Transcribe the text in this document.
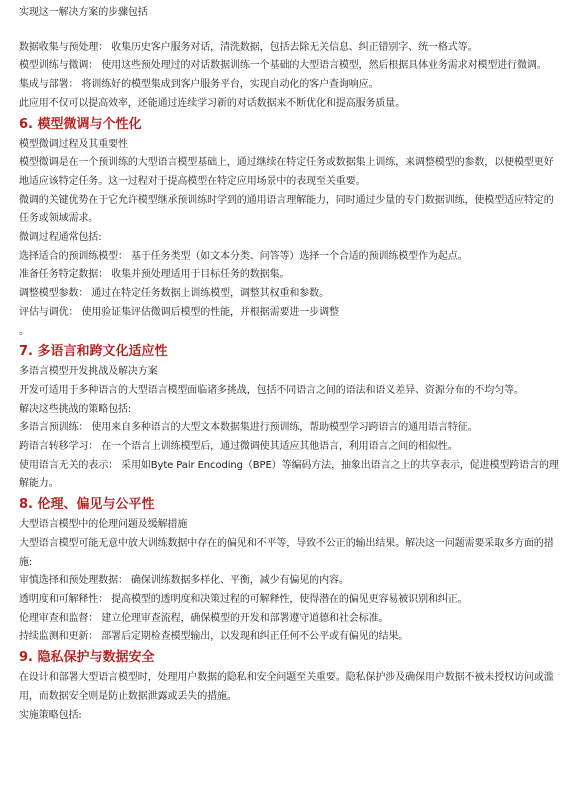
实现这一解决方案的步骤包括

数据收集与预处理： 收集历史客户服务对话，清洗数据，包括去除无关信息、纠正错别字、统一格式等。

模型训练与微调： 使用这些预处理过的对话数据训练一个基础的大型语言模型，然后根据具体业务需求对模型进行微调。

集成与部署： 将训练好的模型集成到客户服务平台，实现自动化的客户查询响应。

此应用不仅可以提高效率，还能通过连续学习新的对话数据来不断优化和提高服务质量。

6. 模型微调与个性化

模型微调过程及其重要性

模型微调是在一个预训练的大型语言模型基础上，通过继续在特定任务或数据集上训练，来调整模型的参数，以便模型更好地适应该特定任务。这一过程对于提高模型在特定应用场景中的表现至关重要。

微调的关键优势在于它允许模型继承预训练时学到的通用语言理解能力，同时通过少量的专门数据训练，使模型适应特定的任务或领域需求。

微调过程通常包括:

选择适合的预训练模型： 基于任务类型（如文本分类、问答等）选择一个合适的预训练模型作为起点。

准备任务特定数据： 收集并预处理适用于目标任务的数据集。

调整模型参数： 通过在特定任务数据上训练模型，调整其权重和参数。

评估与调优： 使用验证集评估微调后模型的性能，并根据需要进一步调整

。

7. 多语言和跨文化适应性

多语言模型开发挑战及解决方案

开发可适用于多种语言的大型语言模型面临诸多挑战，包括不同语言之间的语法和语义差异、资源分布的不均匀等。

解决这些挑战的策略包括:

多语言预训练： 使用来自多种语言的大型文本数据集进行预训练，帮助模型学习跨语言的通用语言特征。

跨语言转移学习： 在一个语言上训练模型后，通过微调使其适应其他语言，利用语言之间的相似性。

使用语言无关的表示： 采用如Byte Pair Encoding（BPE）等编码方法，抽象出语言之上的共享表示，促进模型跨语言的理解能力。

8. 伦理、偏见与公平性

大型语言模型中的伦理问题及缓解措施

大型语言模型可能无意中放大训练数据中存在的偏见和不平等，导致不公正的输出结果。解决这一问题需要采取多方面的措施:

审慎选择和预处理数据： 确保训练数据多样化、平衡，减少有偏见的内容。

透明度和可解释性： 提高模型的透明度和决策过程的可解释性，使得潜在的偏见更容易被识别和纠正。

伦理审查和监督： 建立伦理审查流程，确保模型的开发和部署遵守道德和社会标准。

持续监测和更新： 部署后定期检查模型输出，以发现和纠正任何不公平或有偏见的结果。

9. 隐私保护与数据安全

在设计和部署大型语言模型时，处理用户数据的隐私和安全问题至关重要。隐私保护涉及确保用户数据不被未授权访问或滥用，而数据安全则是防止数据泄露或丢失的措施。

实施策略包括:
